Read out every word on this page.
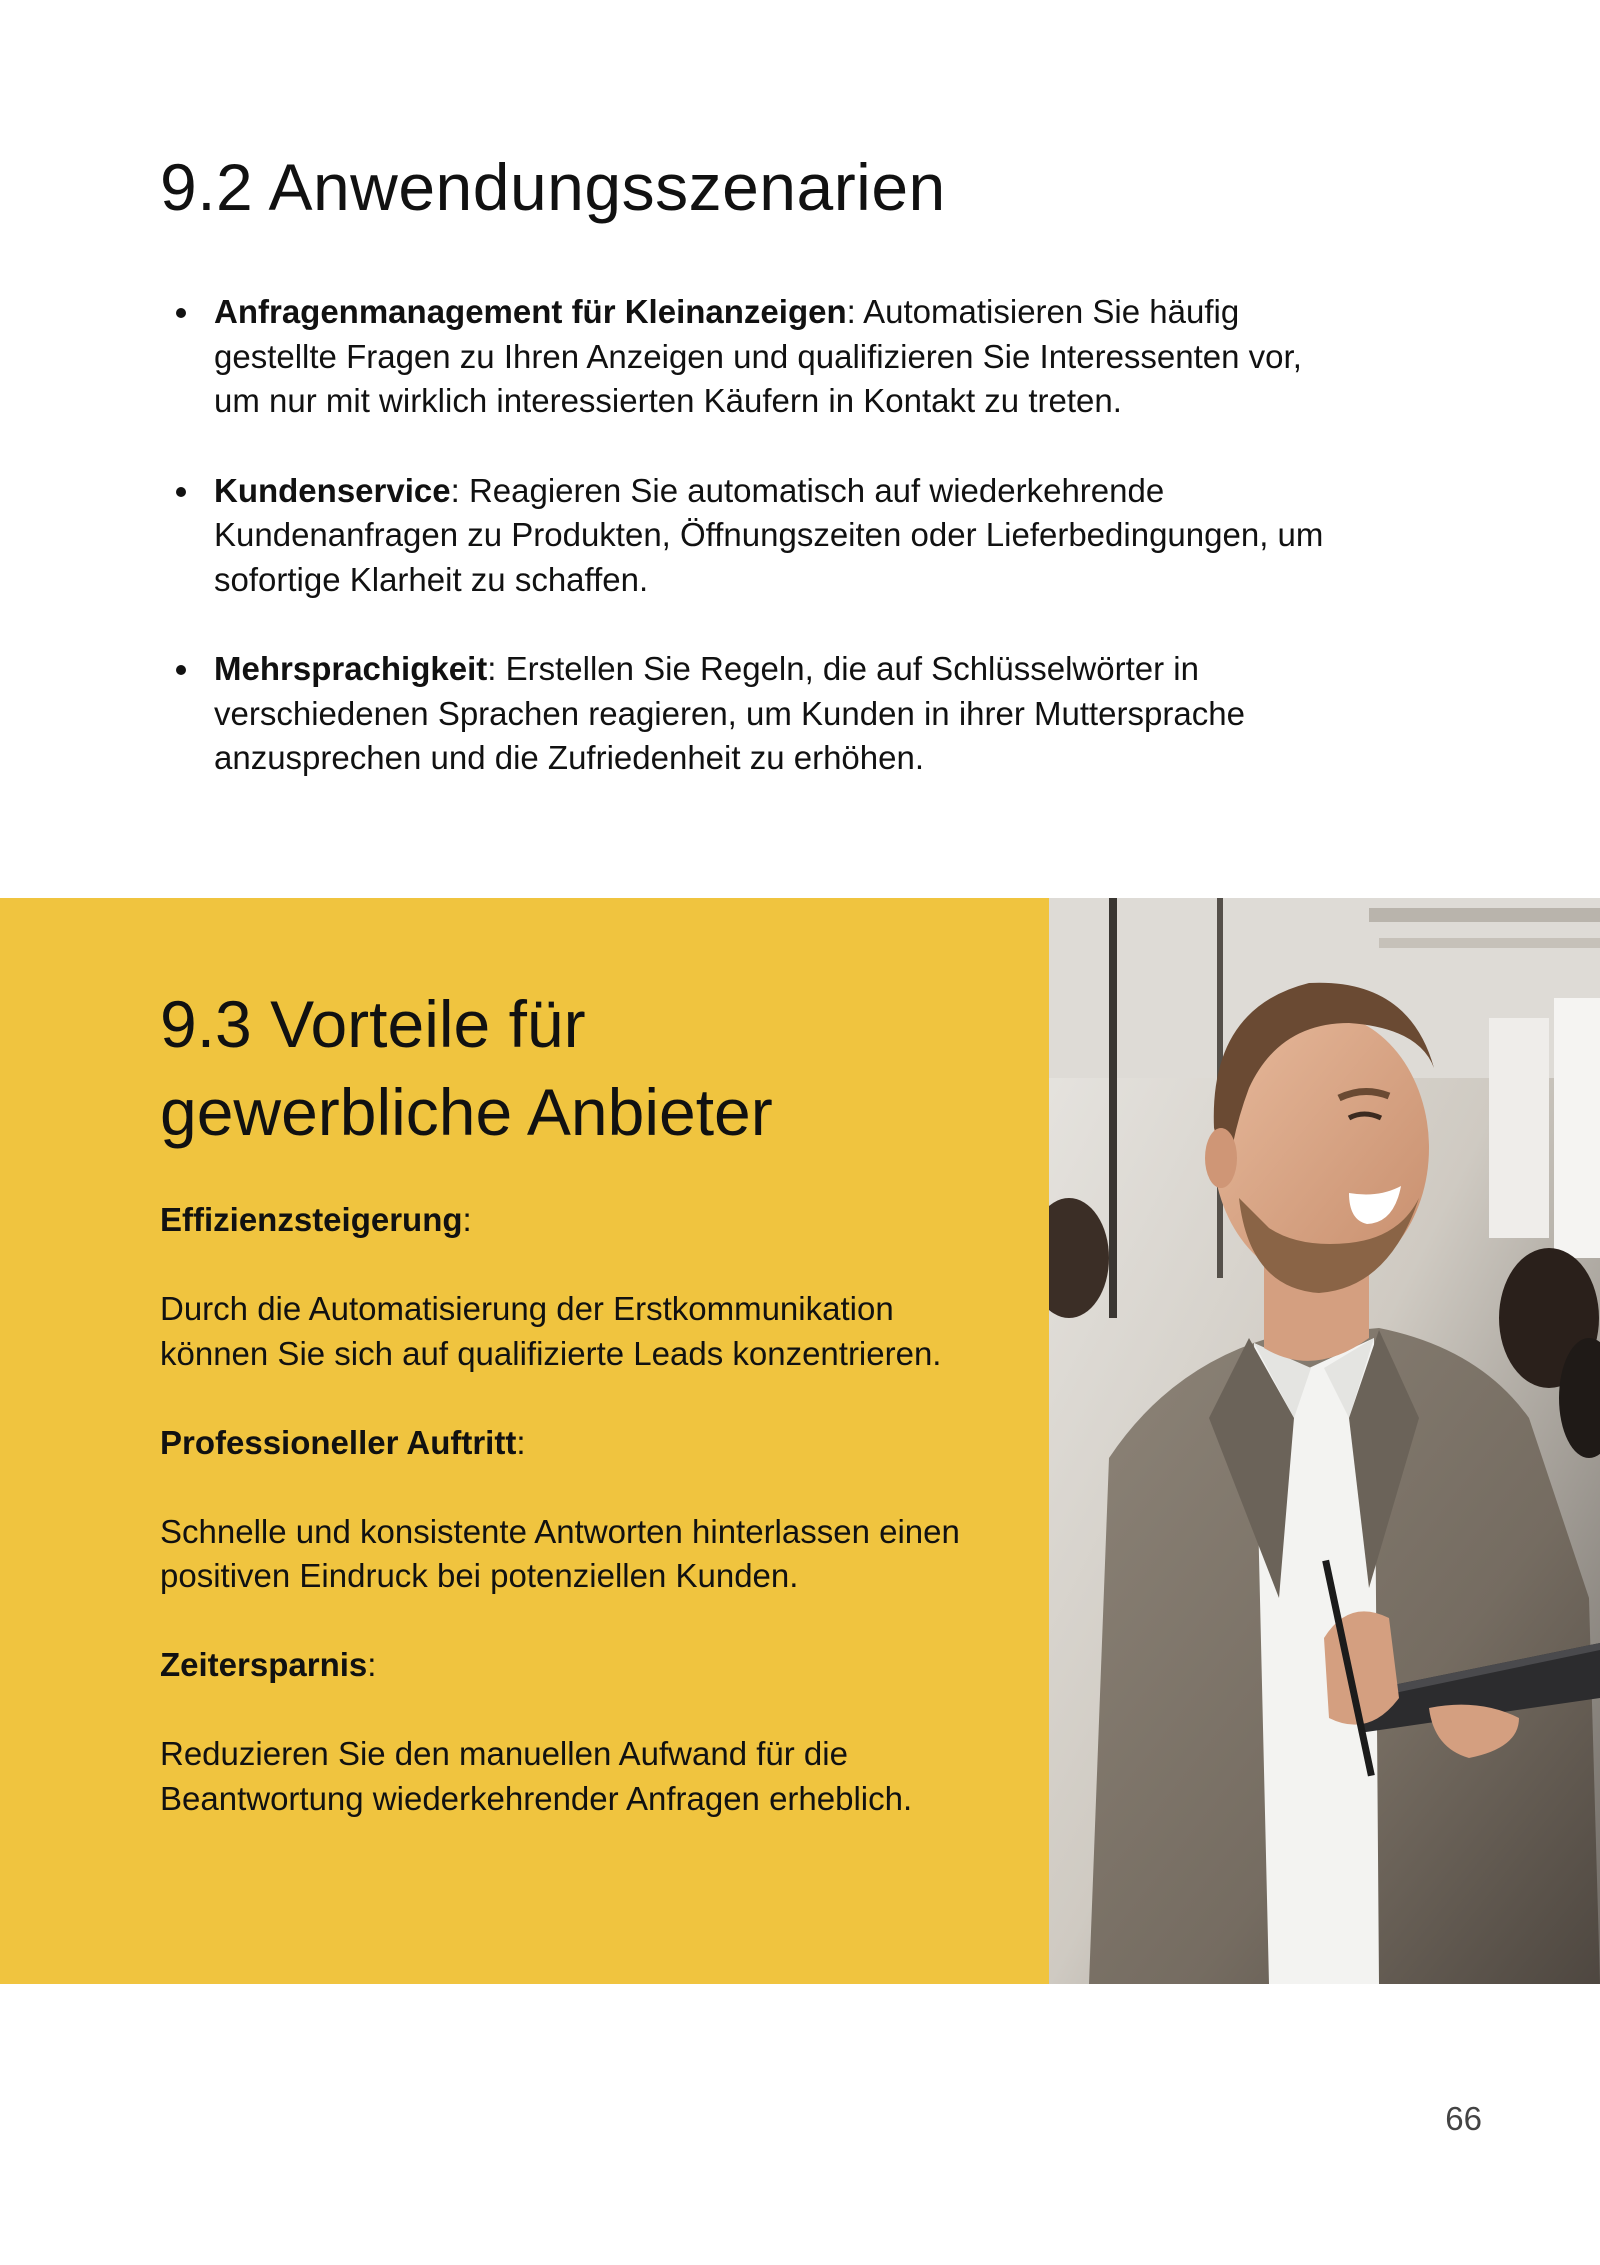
9.2 Anwendungsszenarien
Anfragenmanagement für Kleinanzeigen: Automatisieren Sie häufig gestellte Fragen zu Ihren Anzeigen und qualifizieren Sie Interessenten vor, um nur mit wirklich interessierten Käufern in Kontakt zu treten.
Kundenservice: Reagieren Sie automatisch auf wiederkehrende Kundenanfragen zu Produkten, Öffnungszeiten oder Lieferbedingungen, um sofortige Klarheit zu schaffen.
Mehrsprachigkeit: Erstellen Sie Regeln, die auf Schlüsselwörter in verschiedenen Sprachen reagieren, um Kunden in ihrer Muttersprache anzusprechen und die Zufriedenheit zu erhöhen.
9.3 Vorteile für
gewerbliche Anbieter

Effizienzsteigerung:

Durch die Automatisierung der Erstkommunikation können Sie sich auf qualifizierte Leads konzentrieren.

Professioneller Auftritt:

Schnelle und konsistente Antworten hinterlassen einen positiven Eindruck bei potenziellen Kunden.

Zeitersparnis:

Reduzieren Sie den manuellen Aufwand für die Beantwortung wiederkehrender Anfragen erheblich.

66
